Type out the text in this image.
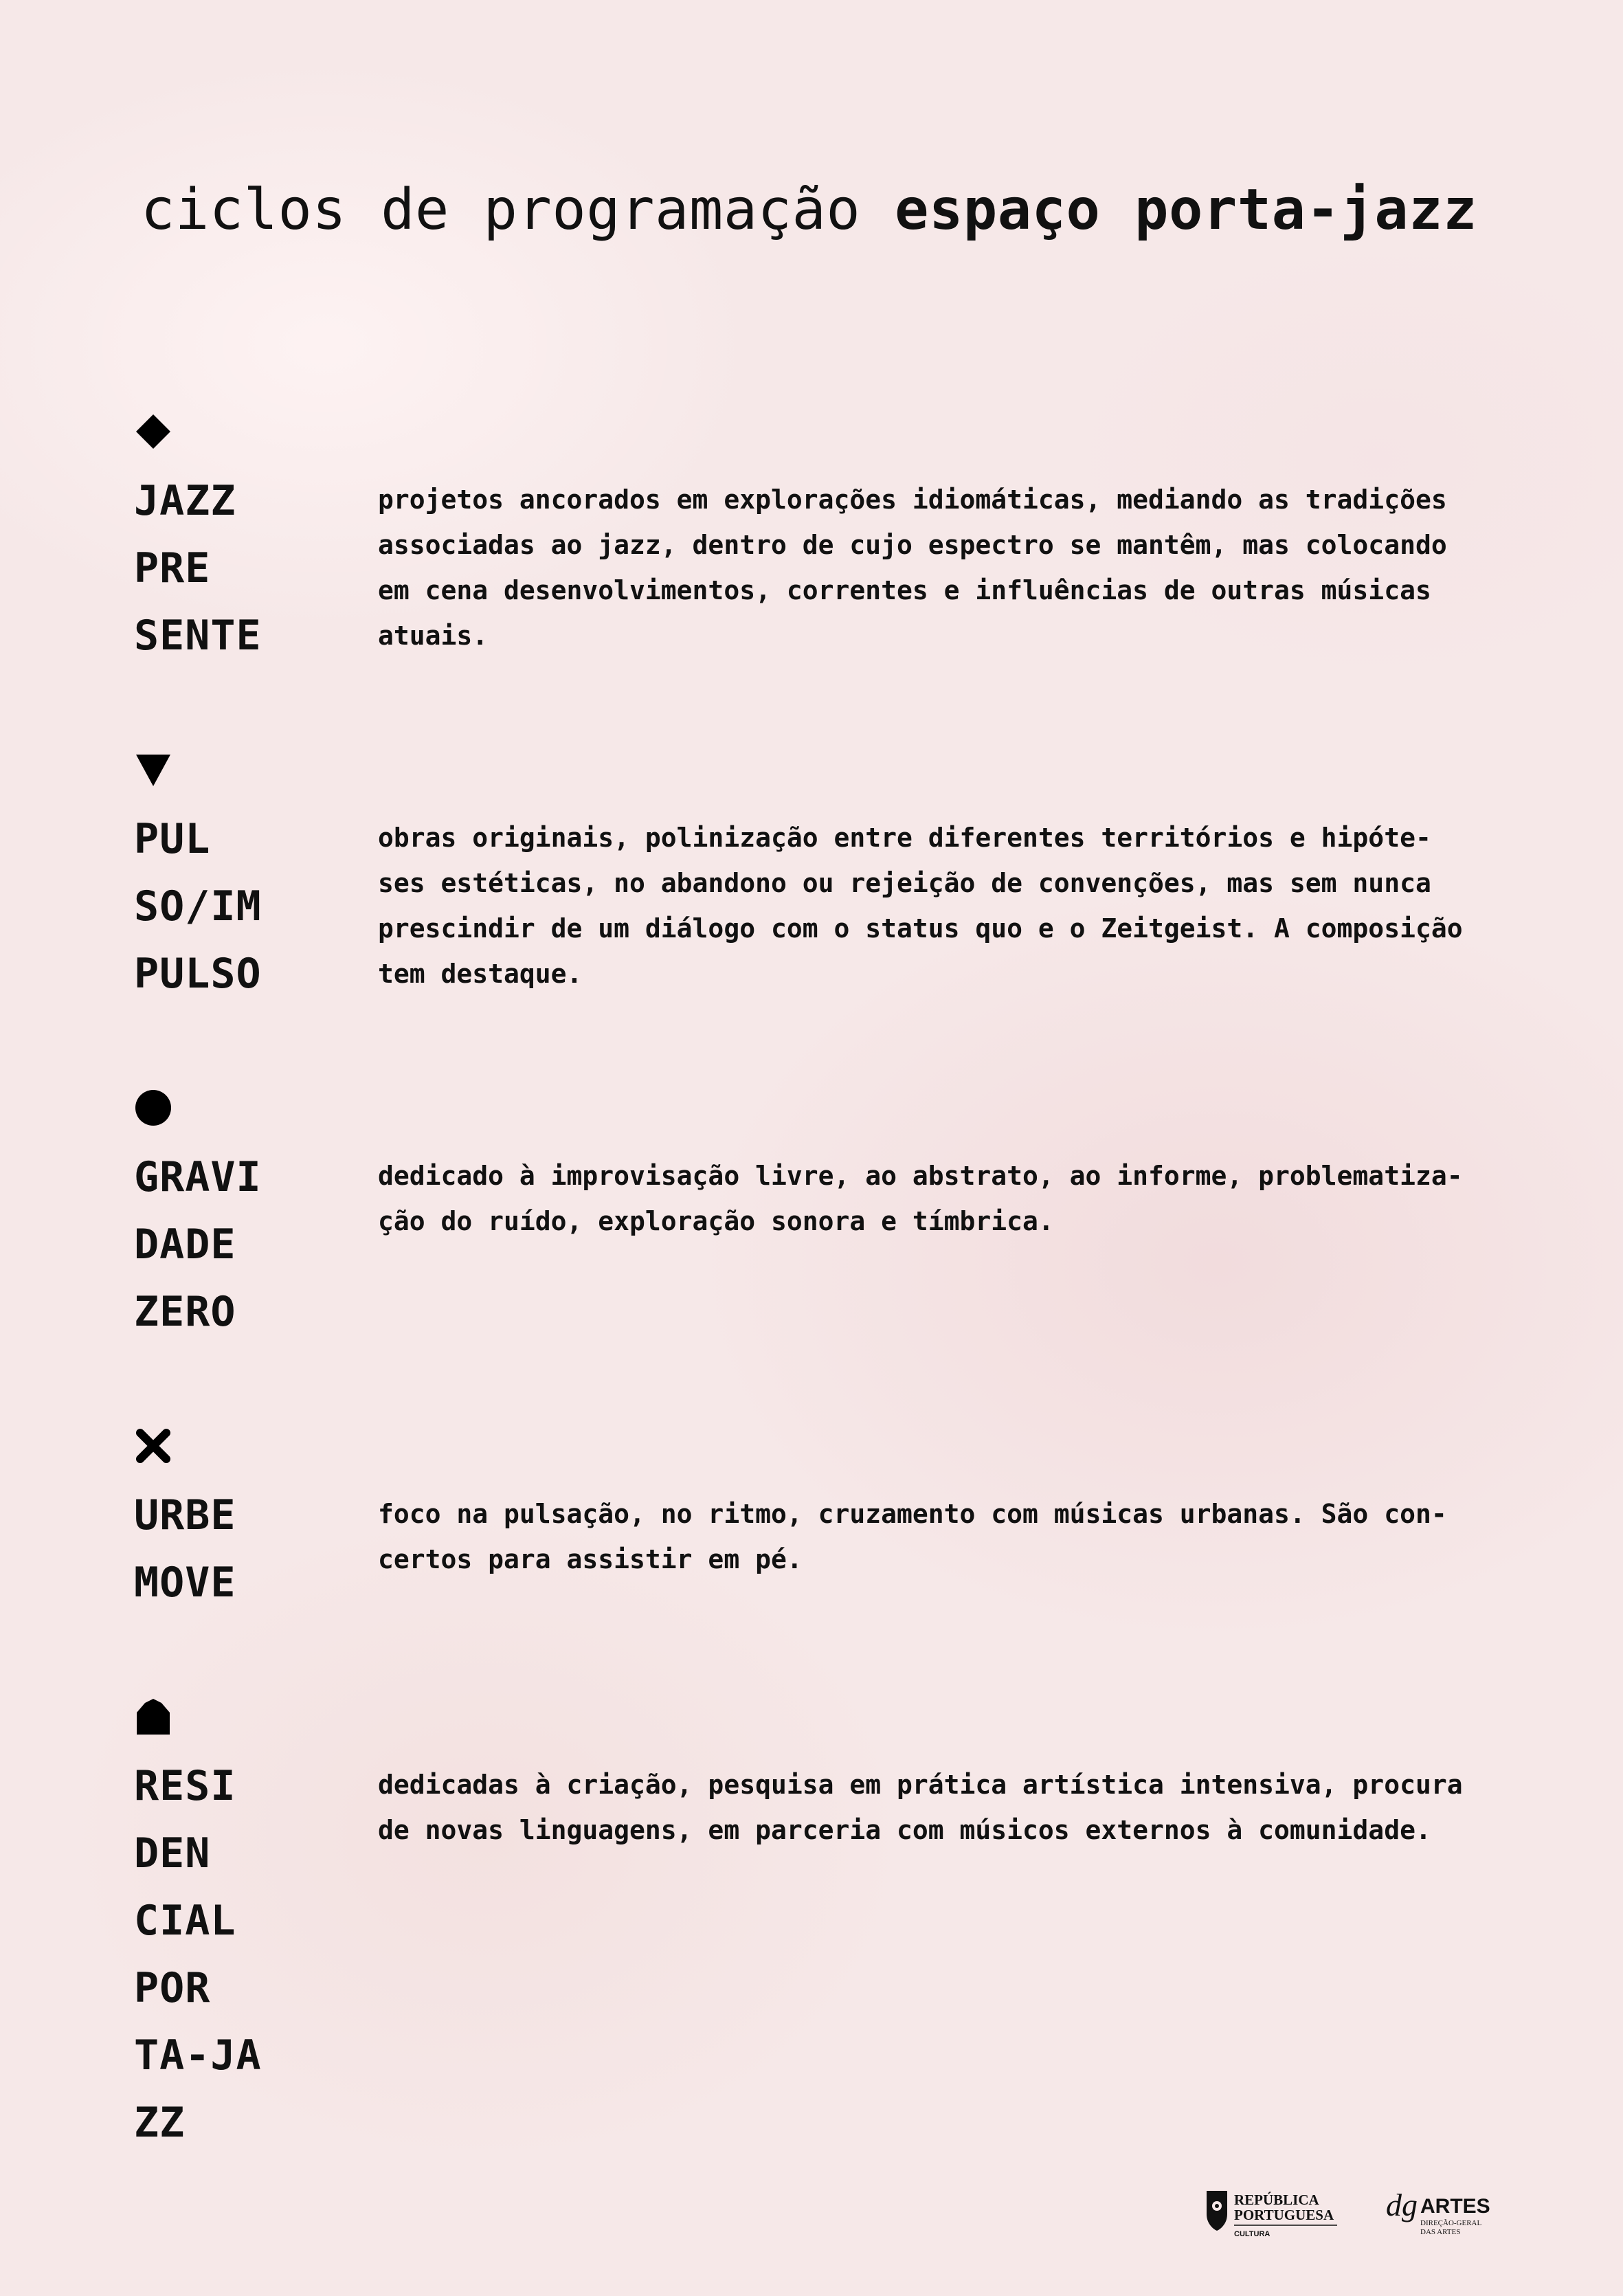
ciclos de programação espaço porta-jazz
JAZZ
PRE
SENTE

projetos ancorados em explorações idiomáticas, mediando as tradições
associadas ao jazz, dentro de cujo espectro se mantêm, mas colocando
em cena desenvolvimentos, correntes e influências de outras músicas
atuais.

PUL
SO/IM
PULSO

obras originais, polinização entre diferentes territórios e hipóte-
ses estéticas, no abandono ou rejeição de convenções, mas sem nunca
prescindir de um diálogo com o status quo e o Zeitgeist. A composição
tem destaque.

GRAVI
DADE
ZERO

dedicado à improvisação livre, ao abstrato, ao informe, problematiza-
ção do ruído, exploração sonora e tímbrica.

URBE
MOVE

foco na pulsação, no ritmo, cruzamento com músicas urbanas. São con-
certos para assistir em pé.

RESI
DEN
CIAL
POR
TA-JA
ZZ

dedicadas à criação, pesquisa em prática artística intensiva, procura
de novas linguagens, em parceria com músicos externos à comunidade.

REPÚBLICA
PORTUGUESA
CULTURA
dg ARTES
DIREÇÃO-GERAL
DAS ARTES
